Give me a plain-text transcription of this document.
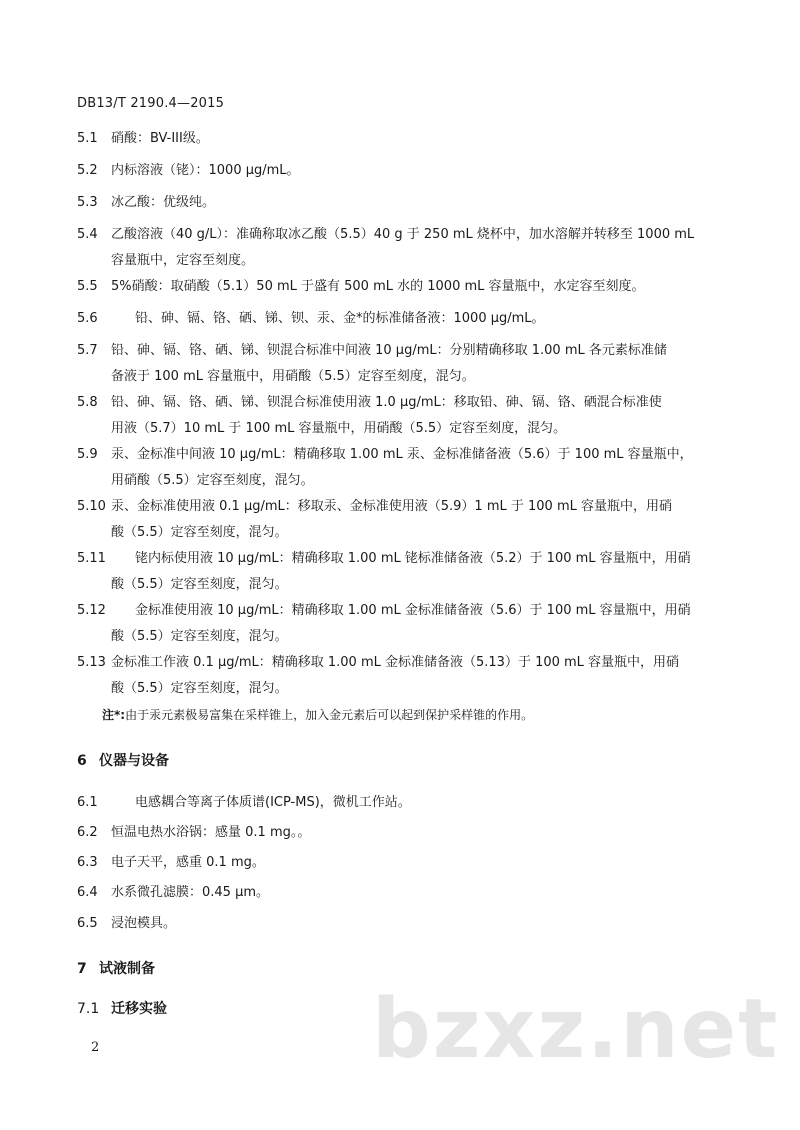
DB13/T 2190.4—2015
5.1 硝酸：BV-III级。
5.2 内标溶液（铑）：1000 μg/mL。
5.3 冰乙酸：优级纯。
5.4 乙酸溶液（40 g/L）：准确称取冰乙酸（5.5）40 g 于 250 mL 烧杯中，加水溶解并转移至 1000 mL
容量瓶中，定容至刻度。
5.5 5%硝酸：取硝酸（5.1）50 mL 于盛有 500 mL 水的 1000 mL 容量瓶中，水定容至刻度。
5.6	铅、砷、镉、铬、硒、锑、钡、汞、金*的标准储备液：1000 μg/mL。
5.7 铅、砷、镉、铬、硒、锑、钡混合标准中间液 10 μg/mL：分别精确移取 1.00 mL 各元素标准储
备液于 100 mL 容量瓶中，用硝酸（5.5）定容至刻度，混匀。
5.8 铅、砷、镉、铬、硒、锑、钡混合标准使用液 1.0 μg/mL：移取铅、砷、镉、铬、硒混合标准使
用液（5.7）10 mL 于 100 mL 容量瓶中，用硝酸（5.5）定容至刻度，混匀。
5.9 汞、金标准中间液 10 μg/mL：精确移取 1.00 mL 汞、金标准储备液（5.6）于 100 mL 容量瓶中，
用硝酸（5.5）定容至刻度，混匀。
5.10 汞、金标准使用液 0.1 μg/mL：移取汞、金标准使用液（5.9）1 mL 于 100 mL 容量瓶中，用硝
酸（5.5）定容至刻度，混匀。
5.11 铑内标使用液 10 μg/mL：精确移取 1.00 mL 铑标准储备液（5.2）于 100 mL 容量瓶中，用硝
酸（5.5）定容至刻度，混匀。
5.12 金标准使用液 10 μg/mL：精确移取 1.00 mL 金标准储备液（5.6）于 100 mL 容量瓶中，用硝
酸（5.5）定容至刻度，混匀。
5.13 金标准工作液 0.1 μg/mL：精确移取 1.00 mL 金标准储备液（5.13）于 100 mL 容量瓶中，用硝
酸（5.5）定容至刻度，混匀。
注*:由于汞元素极易富集在采样锥上，加入金元素后可以起到保护采样锥的作用。
6 仪器与设备
6.1	电感耦合等离子体质谱(ICP-MS)，微机工作站。
6.2 恒温电热水浴锅：感量 0.1 mg。。
6.3 电子天平，感重 0.1 mg。
6.4 水系微孔滤膜：0.45 μm。
6.5 浸泡模具。
7 试液制备
7.1 迁移实验	bzxz.net
2
